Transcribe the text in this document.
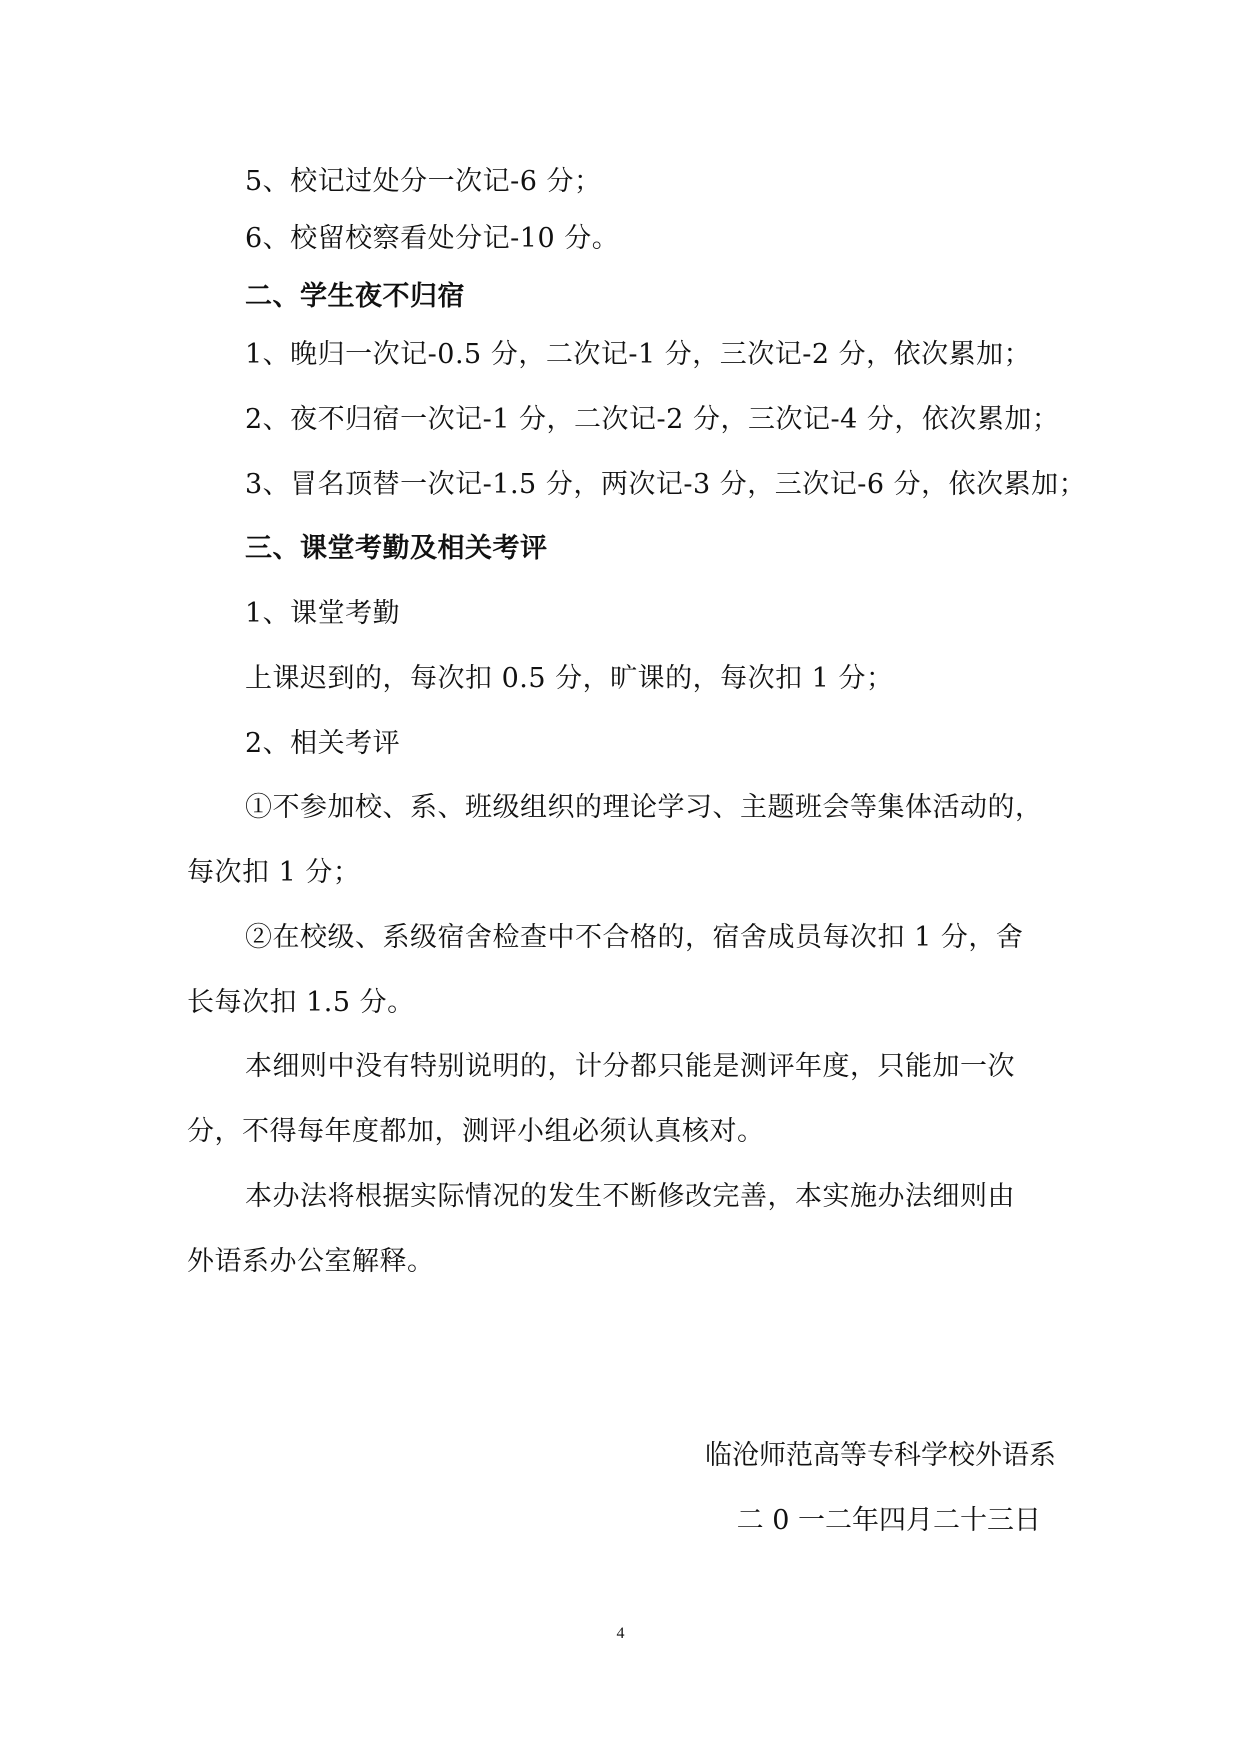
5、校记过处分一次记-6 分；

6、校留校察看处分记-10 分。

二、学生夜不归宿

1、晚归一次记-0.5 分，二次记-1 分，三次记-2 分，依次累加；

2、夜不归宿一次记-1 分，二次记-2 分，三次记-4 分，依次累加；

3、冒名顶替一次记-1.5 分，两次记-3 分，三次记-6 分，依次累加；

三、课堂考勤及相关考评

1、课堂考勤

上课迟到的，每次扣 0.5 分，旷课的，每次扣 1 分；

2、相关考评

①不参加校、系、班级组织的理论学习、主题班会等集体活动的，

每次扣 1 分；

②在校级、系级宿舍检查中不合格的，宿舍成员每次扣 1 分，舍

长每次扣 1.5 分。

本细则中没有特别说明的，计分都只能是测评年度，只能加一次

分，不得每年度都加，测评小组必须认真核对。

本办法将根据实际情况的发生不断修改完善，本实施办法细则由

外语系办公室解释。

临沧师范高等专科学校外语系
二 0 一二年四月二十三日
4
